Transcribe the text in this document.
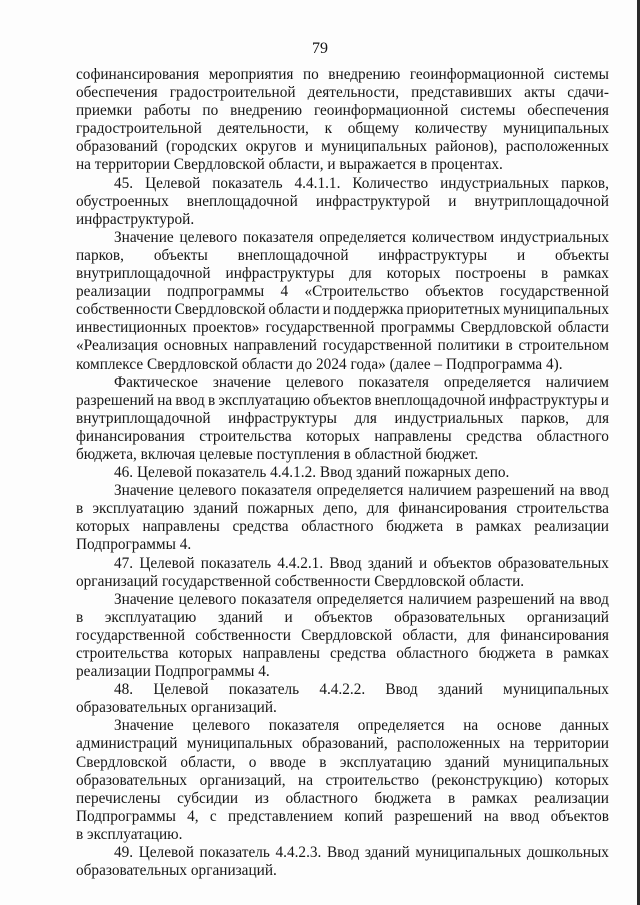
79
софинансирования мероприятия по внедрению геоинформационной системы
обеспечения градостроительной деятельности, представивших акты сдачи-
приемки работы по внедрению геоинформационной системы обеспечения
градостроительной деятельности, к общему количеству муниципальных
образований (городских округов и муниципальных районов), расположенных
на территории Свердловской области, и выражается в процентах.
45. Целевой показатель 4.4.1.1. Количество индустриальных парков,
обустроенных внеплощадочной инфраструктурой и внутриплощадочной
инфраструктурой.
Значение целевого показателя определяется количеством индустриальных
парков, объекты внеплощадочной инфраструктуры и объекты
внутриплощадочной инфраструктуры для которых построены в рамках
реализации подпрограммы 4 «Строительство объектов государственной
собственности Свердловской области и поддержка приоритетных муниципальных
инвестиционных проектов» государственной программы Свердловской области
«Реализация основных направлений государственной политики в строительном
комплексе Свердловской области до 2024 года» (далее – Подпрограмма 4).
Фактическое значение целевого показателя определяется наличием
разрешений на ввод в эксплуатацию объектов внеплощадочной инфраструктуры и
внутриплощадочной инфраструктуры для индустриальных парков, для
финансирования строительства которых направлены средства областного
бюджета, включая целевые поступления в областной бюджет.
46. Целевой показатель 4.4.1.2. Ввод зданий пожарных депо.
Значение целевого показателя определяется наличием разрешений на ввод
в эксплуатацию зданий пожарных депо, для финансирования строительства
которых направлены средства областного бюджета в рамках реализации
Подпрограммы 4.
47. Целевой показатель 4.4.2.1. Ввод зданий и объектов образовательных
организаций государственной собственности Свердловской области.
Значение целевого показателя определяется наличием разрешений на ввод
в эксплуатацию зданий и объектов образовательных организаций
государственной собственности Свердловской области, для финансирования
строительства которых направлены средства областного бюджета в рамках
реализации Подпрограммы 4.
48. Целевой показатель 4.4.2.2. Ввод зданий муниципальных
образовательных организаций.
Значение целевого показателя определяется на основе данных
администраций муниципальных образований, расположенных на территории
Свердловской области, о вводе в эксплуатацию зданий муниципальных
образовательных организаций, на строительство (реконструкцию) которых
перечислены субсидии из областного бюджета в рамках реализации
Подпрограммы 4, с представлением копий разрешений на ввод объектов
в эксплуатацию.
49. Целевой показатель 4.4.2.3. Ввод зданий муниципальных дошкольных
образовательных организаций.
